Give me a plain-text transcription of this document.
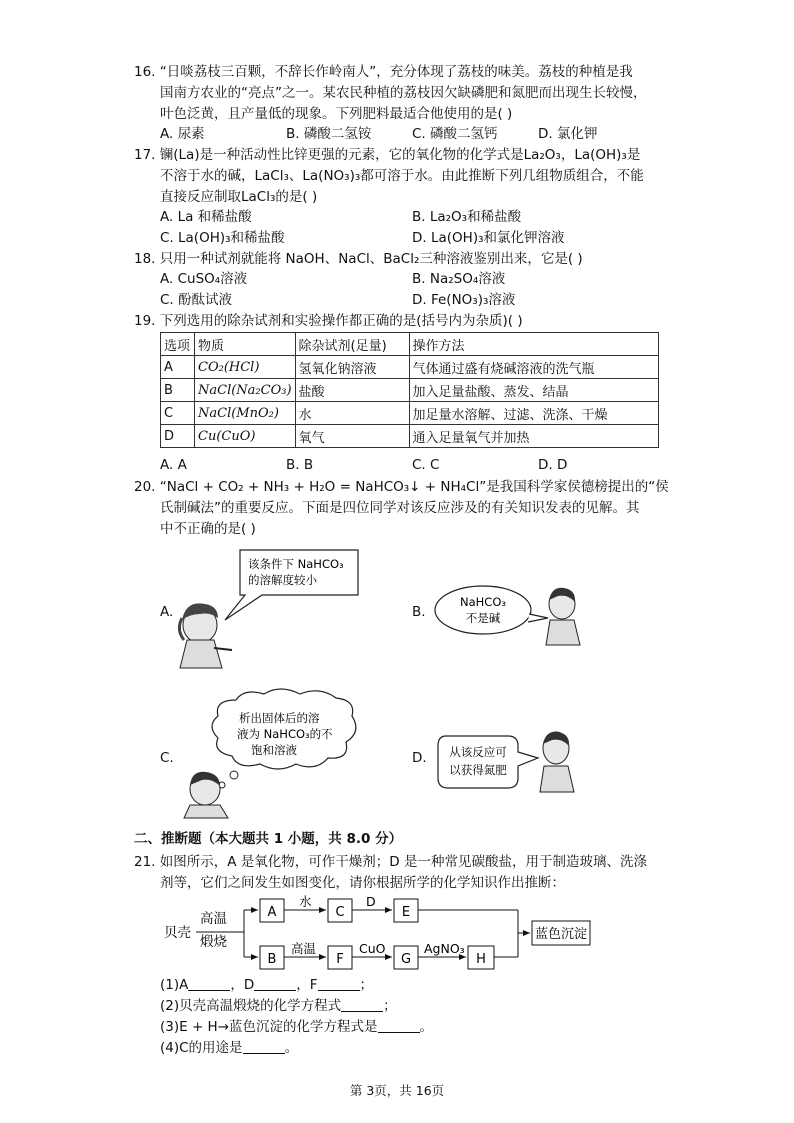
16. “日啖荔枝三百颗，不辞长作岭南人”，充分体现了荔枝的味美。荔枝的种植是我
国南方农业的“亮点”之一。某农民种植的荔枝因欠缺磷肥和氮肥而出现生长较慢，
叶色泛黄，且产量低的现象。下列肥料最适合他使用的是( )
A. 尿素	B. 磷酸二氢铵	C. 磷酸二氢钙	D. 氯化钾
17. 镧(La)是一种活动性比锌更强的元素，它的氧化物的化学式是La₂O₃，La(OH)₃是
不溶于水的碱，LaCl₃、La(NO₃)₃都可溶于水。由此推断下列几组物质组合，不能
直接反应制取LaCl₃的是( )
A. La 和稀盐酸	B. La₂O₃和稀盐酸
C. La(OH)₃和稀盐酸	D. La(OH)₃和氯化钾溶液
18. 只用一种试剂就能将 NaOH、NaCl、BaCl₂三种溶液鉴别出来，它是( )
A. CuSO₄溶液	B. Na₂SO₄溶液
C. 酚酞试液	D. Fe(NO₃)₃溶液
19. 下列选用的除杂试剂和实验操作都正确的是(括号内为杂质)( )
选项	物质	除杂试剂(足量)	操作方法
A	CO₂(HCl)	氢氧化钠溶液	气体通过盛有烧碱溶液的洗气瓶
B	NaCl(Na₂CO₃)	盐酸	加入足量盐酸、蒸发、结晶
C	NaCl(MnO₂)	水	加足量水溶解、过滤、洗涤、干燥
D	Cu(CuO)	氧气	通入足量氧气并加热
A. A	B. B	C. C	D. D
20. “NaCl + CO₂ + NH₃ + H₂O = NaHCO₃↓ + NH₄Cl”是我国科学家侯德榜提出的“侯
氏制碱法”的重要反应。下面是四位同学对该反应涉及的有关知识发表的见解。其
中不正确的是( )
A.	B.
C.	D.
该条件下 NaHCO₃
的溶解度较小
NaHCO₃
不是碱
析出固体后的溶
液为 NaHCO₃的不
饱和溶液	从该反应可
以获得氮肥
二、推断题（本大题共 1 小题，共 8.0 分）
21. 如图所示，A 是氧化物，可作干燥剂；D 是一种常见碳酸盐，用于制造玻璃、洗涤
剂等，它们之间发生如图变化，请你根据所学的化学知识作出推断：
贝壳
高温
煅烧
A
水
C
D
E
B
高温
F
CuO
G
AgNO₃
H
蓝色沉淀
(1)A	，D	，F	；
(2)贝壳高温煅烧的化学方程式	；
(3)E + H→蓝色沉淀的化学方程式是	。
(4)C的用途是	。
第 3页，共 16页
